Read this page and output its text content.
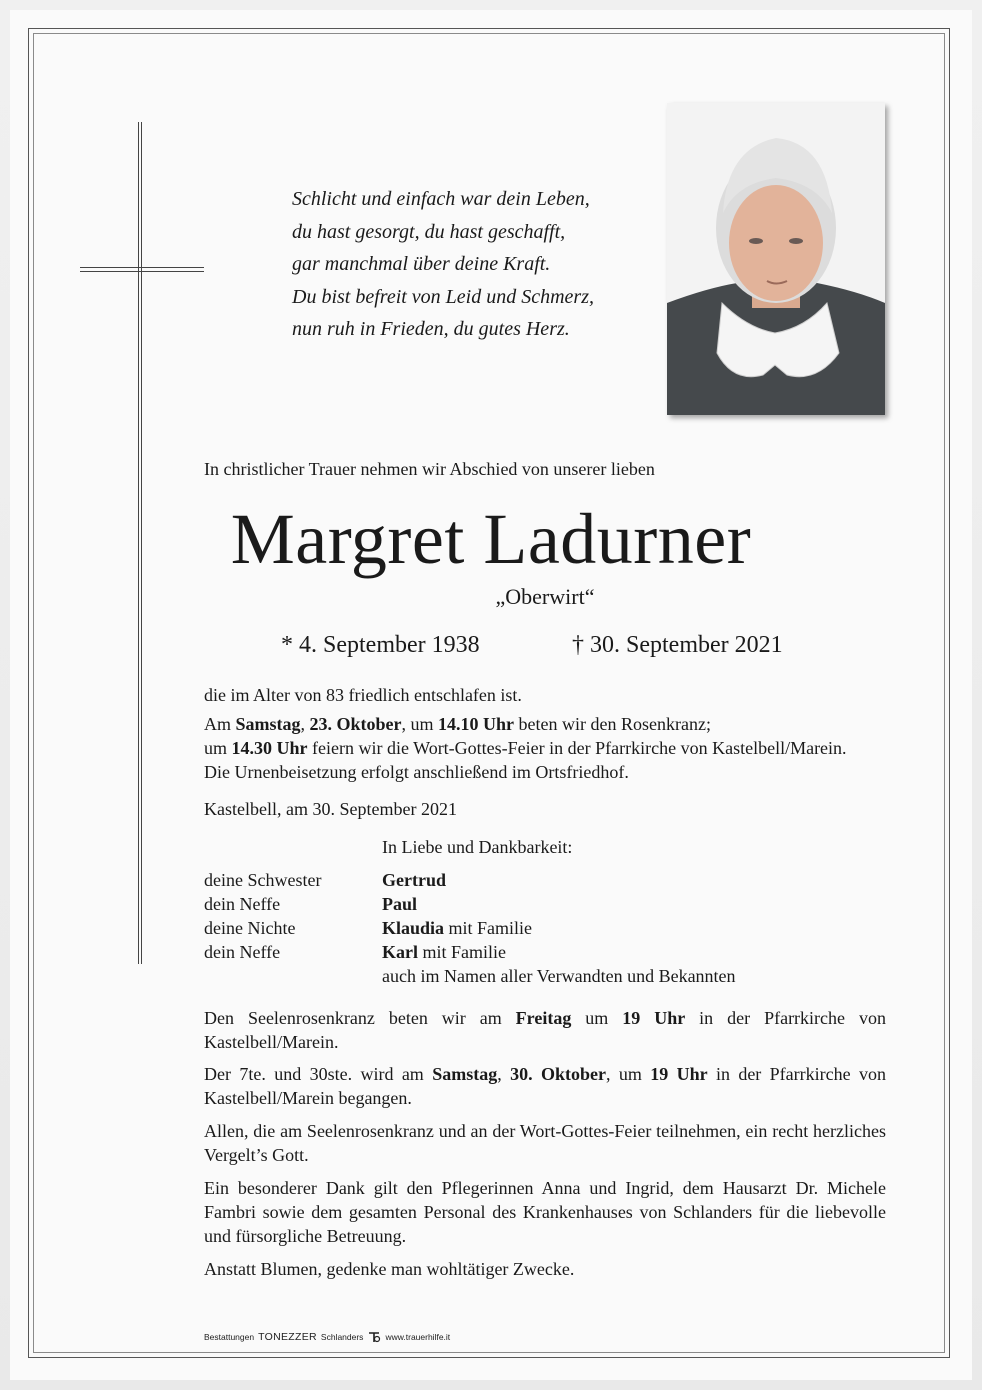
Schlicht und einfach war dein Leben,
du hast gesorgt, du hast geschafft,
gar manchmal über deine Kraft.
Du bist befreit von Leid und Schmerz,
nun ruh in Frieden, du gutes Herz.
In christlicher Trauer nehmen wir Abschied von unserer lieben
Margret Ladurner
„Oberwirt“
* 4. September 1938	† 30. September 2021
die im Alter von 83 friedlich entschlafen ist.
Am Samstag, 23. Oktober, um 14.10 Uhr beten wir den Rosenkranz;
um 14.30 Uhr feiern wir die Wort-Gottes-Feier in der Pfarrkirche von Kastelbell/Marein.
Die Urnenbeisetzung erfolgt anschließend im Ortsfriedhof.
Kastelbell, am 30. September 2021
In Liebe und Dankbarkeit:
deine Schwester	Gertrud
dein Neffe	Paul
deine Nichte	Klaudia mit Familie
dein Neffe	Karl mit Familie
auch im Namen aller Verwandten und Bekannten
Den Seelenrosenkranz beten wir am Freitag um 19 Uhr in der Pfarrkirche von Kastelbell/Marein.
Der 7te. und 30ste. wird am Samstag, 30. Oktober, um 19 Uhr in der Pfarrkirche von Kastelbell/Marein begangen.
Allen, die am Seelenrosenkranz und an der Wort-Gottes-Feier teilnehmen, ein recht herzliches Vergelt’s Gott.
Ein besonderer Dank gilt den Pflegerinnen Anna und Ingrid, dem Hausarzt Dr. Michele Fambri sowie dem gesamten Personal des Krankenhauses von Schlanders für die liebevolle und fürsorgliche Betreuung.
Anstatt Blumen, gedenke man wohltätiger Zwecke.
Bestattungen TONEZZER Schlanders	www.trauerhilfe.it
